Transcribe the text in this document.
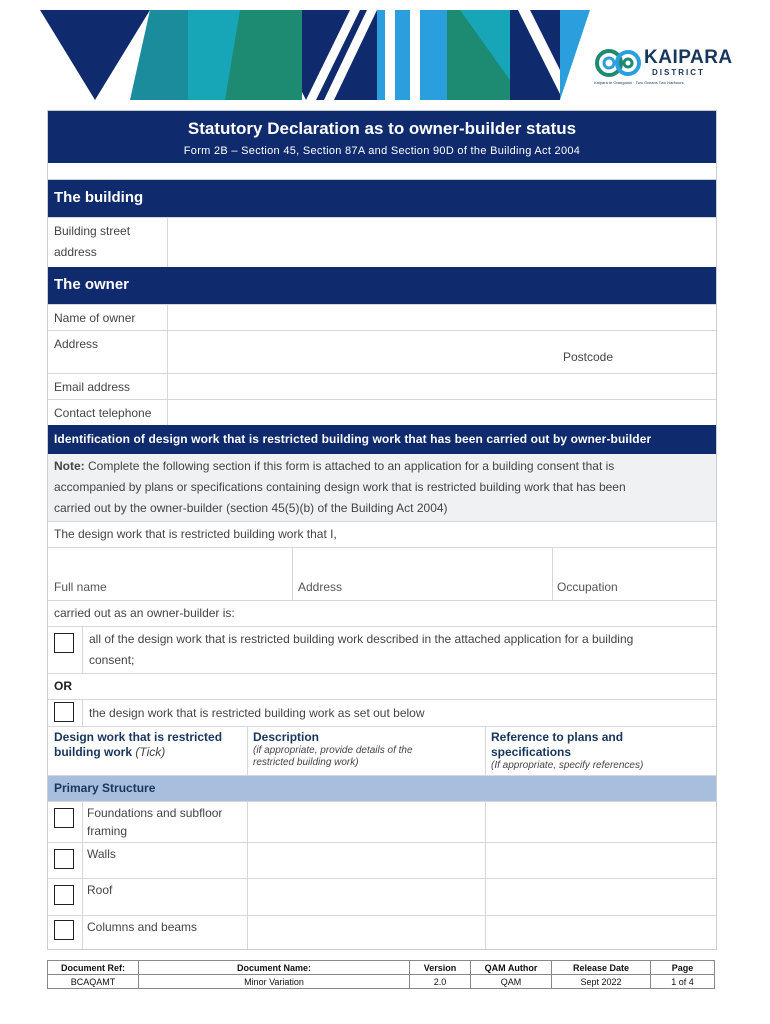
KAIPARA
DISTRICT
Kaipara te Oranganui · Two Oceans Two Harbours
Statutory Declaration as to owner-builder status
Form 2B – Section 45, Section 87A and Section 90D of the Building Act 2004
The building
Building street
address
The owner
Name of owner
Address
Postcode
Email address
Contact telephone
Identification of design work that is restricted building work that has been carried out by owner-builder
Note: Complete the following section if this form is attached to an application for a building consent that is
accompanied by plans or specifications containing design work that is restricted building work that has been
carried out by the owner-builder (section 45(5)(b) of the Building Act 2004)
The design work that is restricted building work that I,
Full name	Address	Occupation
carried out as an owner-builder is:
all of the design work that is restricted building work described in the attached application for a building
consent;
OR
the design work that is restricted building work as set out below
Design work that is restricted
building work (Tick)
Description
(if appropriate, provide details of the
restricted building work)
Reference to plans and
specifications
(If appropriate, specify references)
Primary Structure
Foundations and subfloor
framing
Walls
Roof
Columns and beams
Document Ref:	Document Name:	Version	QAM Author	Release Date	Page
BCAQAMT	Minor Variation	2.0	QAM	Sept 2022	1 of 4
